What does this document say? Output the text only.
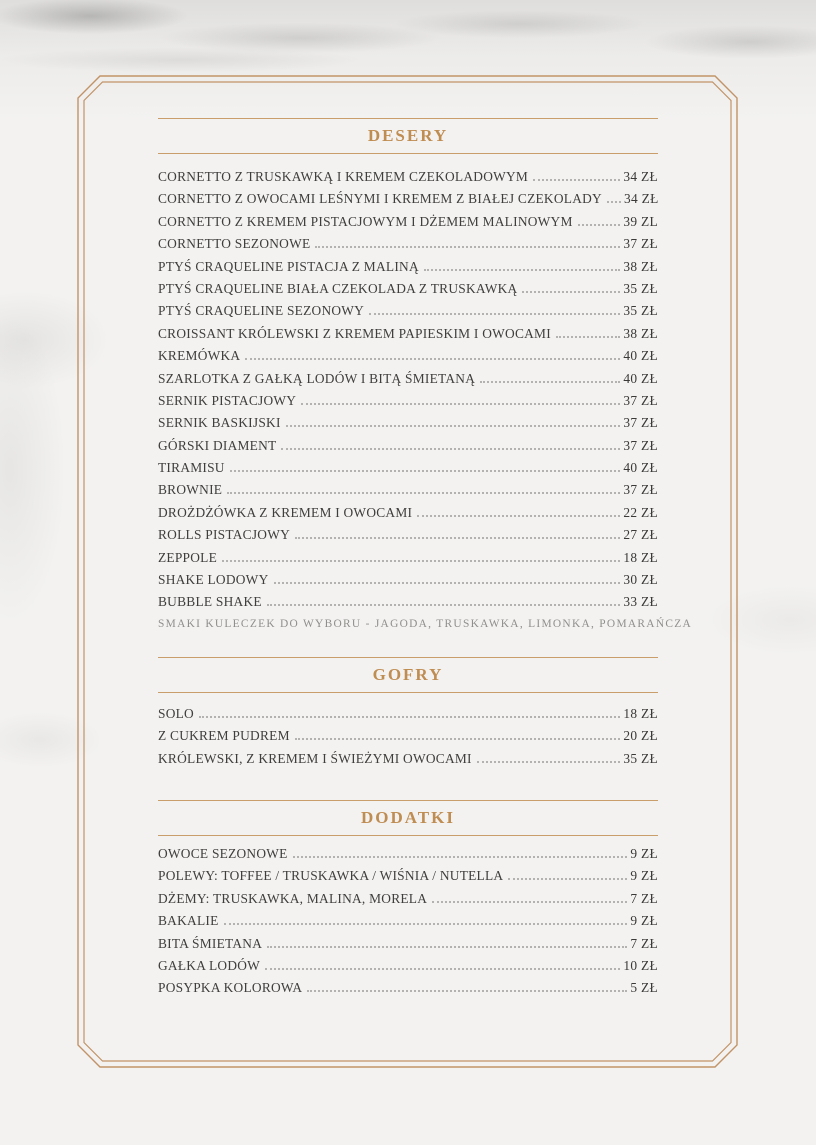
DESERY
CORNETTO Z TRUSKAWKĄ I KREMEM CZEKOLADOWYM	34 ZŁ
CORNETTO Z OWOCAMI LEŚNYMI I KREMEM Z BIAŁEJ CZEKOLADY 34 ZŁ
CORNETTO Z KREMEM PISTACJOWYM I DŻEMEM MALINOWYM	39 ZL
CORNETTO SEZONOWE	37 ZŁ
PTYŚ CRAQUELINE PISTACJA Z MALINĄ	38 ZŁ
PTYŚ CRAQUELINE BIAŁA CZEKOLADA Z TRUSKAWKĄ	35 ZŁ
PTYŚ CRAQUELINE SEZONOWY	35 ZŁ
CROISSANT KRÓLEWSKI Z KREMEM PAPIESKIM I OWOCAMI	38 ZŁ
KREMÓWKA	40 ZŁ
SZARLOTKA Z GAŁKĄ LODÓW I BITĄ ŚMIETANĄ	40 ZŁ
SERNIK PISTACJOWY	37 ZŁ
SERNIK BASKIJSKI	37 ZŁ
GÓRSKI DIAMENT	37 ZŁ
TIRAMISU	40 ZŁ
BROWNIE	37 ZŁ
DROŻDŻÓWKA Z KREMEM I OWOCAMI	22 ZŁ
ROLLS PISTACJOWY	27 ZŁ
ZEPPOLE	18 ZŁ
SHAKE LODOWY	30 ZŁ
BUBBLE SHAKE	33 ZŁ
SMAKI KULECZEK DO WYBORU - JAGODA, TRUSKAWKA, LIMONKA, POMARAŃCZA
GOFRY
SOLO	18 ZŁ
Z CUKREM PUDREM	20 ZŁ
KRÓLEWSKI, Z KREMEM I ŚWIEŻYMI OWOCAMI	35 ZŁ
DODATKI
OWOCE SEZONOWE	9 ZŁ
POLEWY: TOFFEE / TRUSKAWKA / WIŚNIA / NUTELLA	9 ZŁ
DŻEMY: TRUSKAWKA, MALINA, MORELA	7 ZŁ
BAKALIE	9 ZŁ
BITA ŚMIETANA	7 ZŁ
GAŁKA LODÓW	10 ZŁ
POSYPKA KOLOROWA	5 ZŁ
